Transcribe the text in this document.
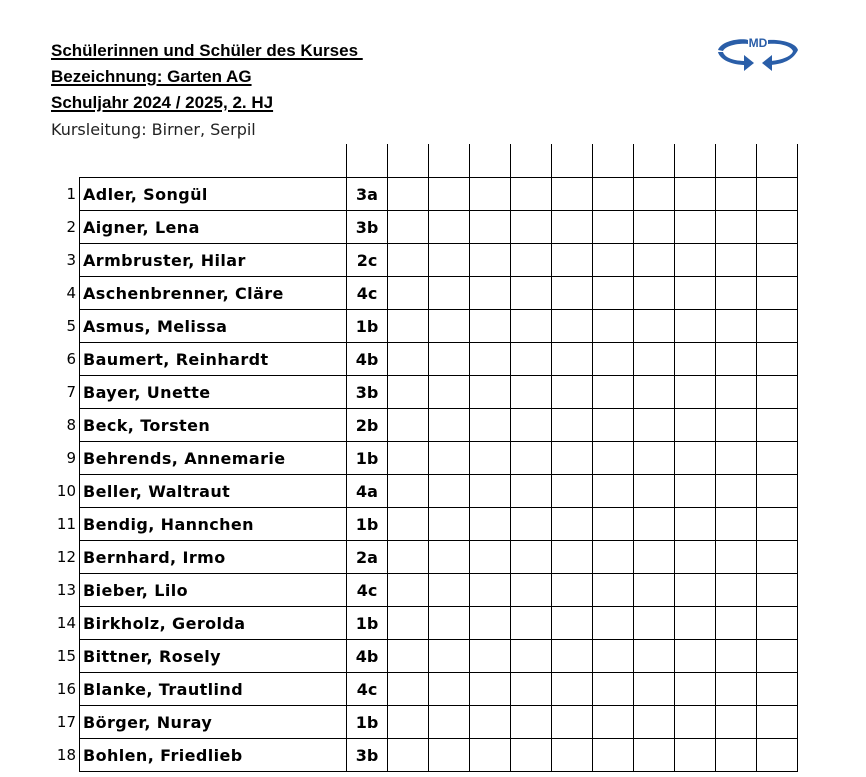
Schülerinnen und Schüler des Kurses
Bezeichnung: Garten AG
Schuljahr 2024 / 2025, 2. HJ
Kursleitung: Birner, Serpil
MD

1	Adler, Songül	3a										
2	Aigner, Lena	3b										
3	Armbruster, Hilar	2c										
4	Aschenbrenner, Cläre	4c										
5	Asmus, Melissa	1b										
6	Baumert, Reinhardt	4b										
7	Bayer, Unette	3b										
8	Beck, Torsten	2b										
9	Behrends, Annemarie	1b										
10	Beller, Waltraut	4a										
11	Bendig, Hannchen	1b										
12	Bernhard, Irmo	2a										
13	Bieber, Lilo	4c										
14	Birkholz, Gerolda	1b										
15	Bittner, Rosely	4b										
16	Blanke, Trautlind	4c										
17	Börger, Nuray	1b										
18	Bohlen, Friedlieb	3b										
